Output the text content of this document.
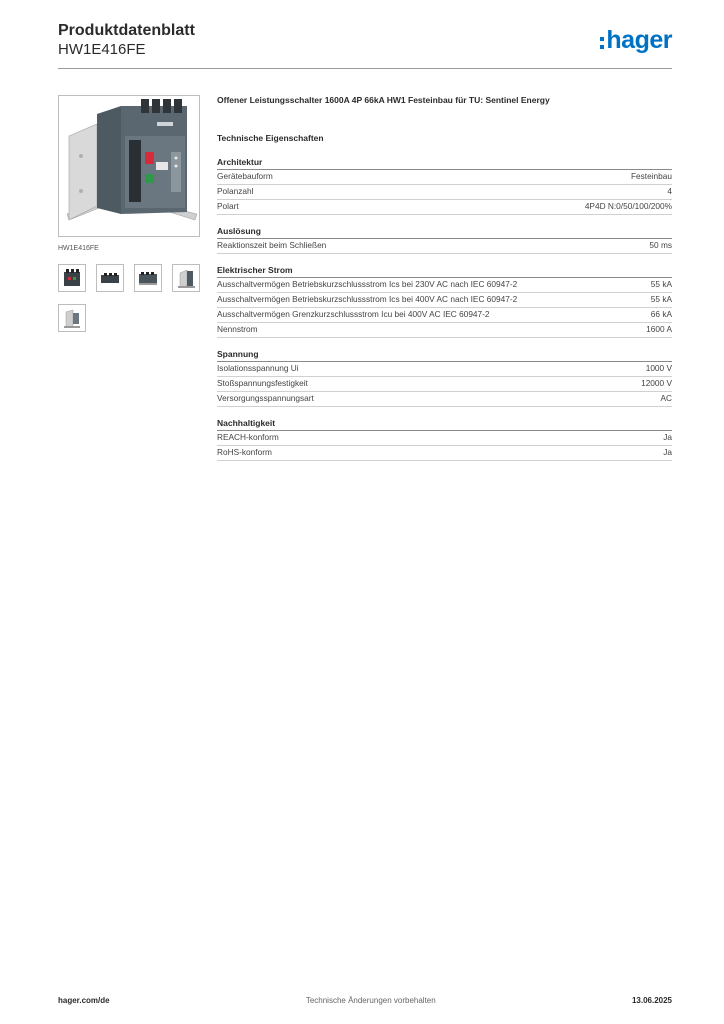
Produktdatenblatt
HW1E416FE	hager
HW1E416FE
Offener Leistungsschalter 1600A 4P 66kA HW1 Festeinbau für TU: Sentinel Energy
Technische Eigenschaften
Architektur
Gerätebauform	Festeinbau
Polanzahl	4
Polart	4P4D N:0/50/100/200%
Auslösung
Reaktionszeit beim Schließen	50 ms
Elektrischer Strom
Ausschaltvermögen Betriebskurzschlussstrom Ics bei 230V AC nach IEC 60947-2	55 kA
Ausschaltvermögen Betriebskurzschlussstrom Ics bei 400V AC nach IEC 60947-2	55 kA
Ausschaltvermögen Grenzkurzschlussstrom Icu bei 400V AC IEC 60947-2	66 kA
Nennstrom	1600 A
Spannung
Isolationsspannung Ui	1000 V
Stoßspannungsfestigkeit	12000 V
Versorgungsspannungsart	AC
Nachhaltigkeit
REACH-konform	Ja
RoHS-konform	Ja
hager.com/de	Technische Änderungen vorbehalten	13.06.2025
